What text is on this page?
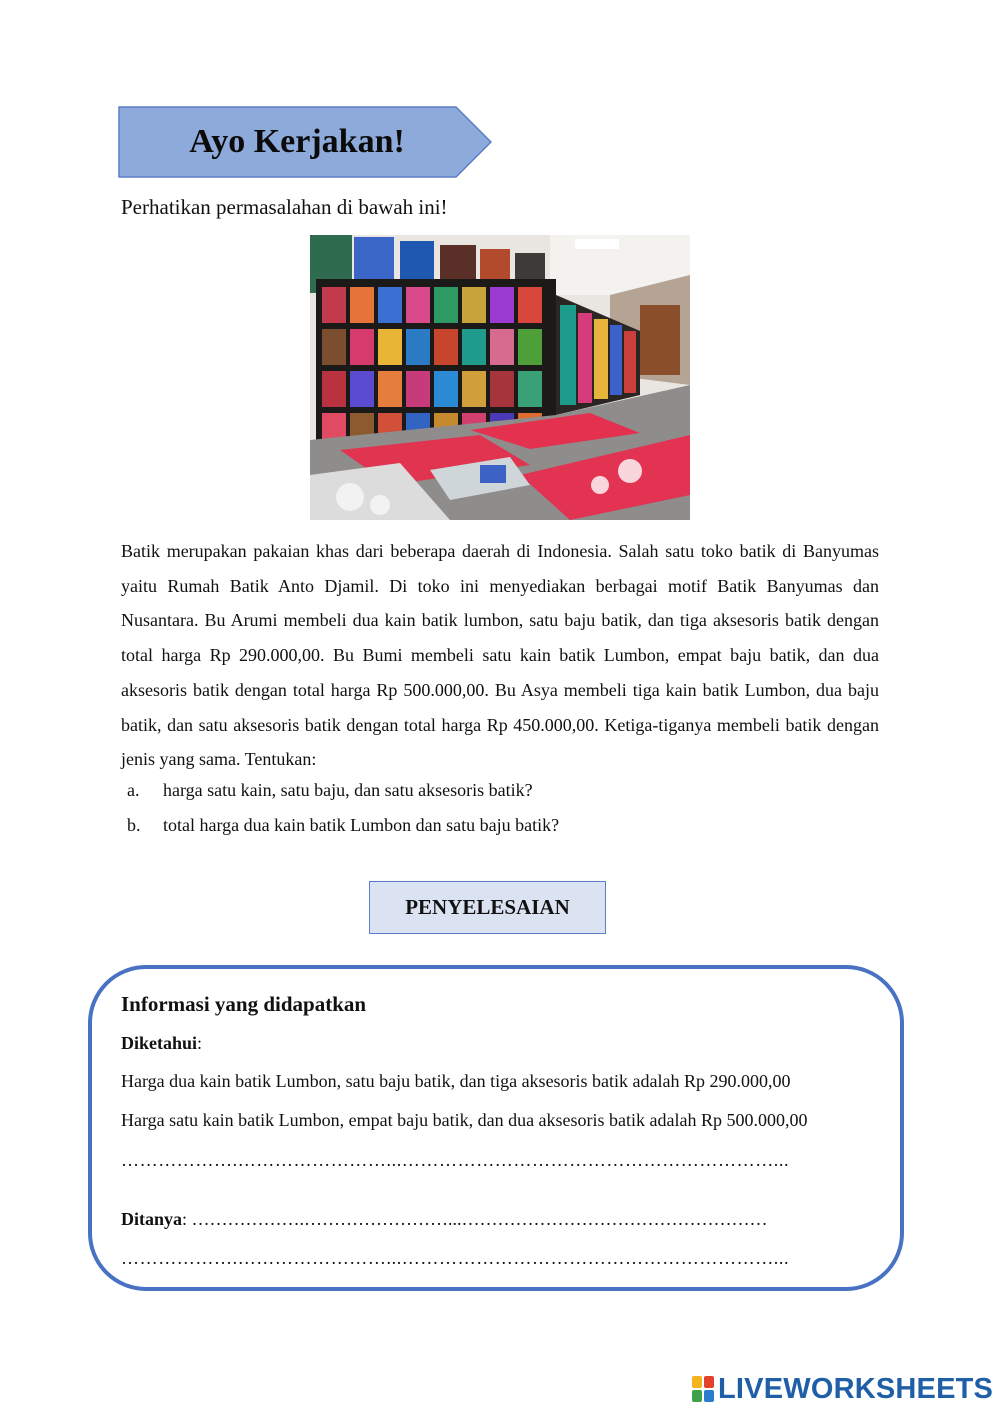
Ayo Kerjakan!
Perhatikan permasalahan di bawah ini!
Batik merupakan pakaian khas dari beberapa daerah di Indonesia. Salah satu toko batik di Banyumas yaitu Rumah Batik Anto Djamil. Di toko ini menyediakan berbagai motif Batik Banyumas dan Nusantara. Bu Arumi membeli dua kain batik lumbon, satu baju batik, dan tiga aksesoris batik dengan total harga Rp 290.000,00. Bu Bumi membeli satu kain batik Lumbon, empat baju batik, dan dua aksesoris batik dengan total harga Rp 500.000,00. Bu Asya membeli tiga kain batik Lumbon, dua baju batik, dan satu aksesoris batik dengan total harga Rp 450.000,00. Ketiga-tiganya membeli batik dengan jenis yang sama. Tentukan:
a.	harga satu kain, satu baju, dan satu aksesoris batik?
b.	total harga dua kain batik Lumbon dan satu baju batik?
PENYELESAIAN
Informasi yang didapatkan
Diketahui:
Harga dua kain batik Lumbon, satu baju batik, dan tiga aksesoris batik adalah Rp 290.000,00
Harga satu kain batik Lumbon, empat baju batik, dan dua aksesoris batik adalah Rp 500.000,00
……………….……………………...……………………………………………………...
Ditanya: ……………….……………………...……………………………………………
……………….……………………...……………………………………………………...
LIVEWORKSHEETS
